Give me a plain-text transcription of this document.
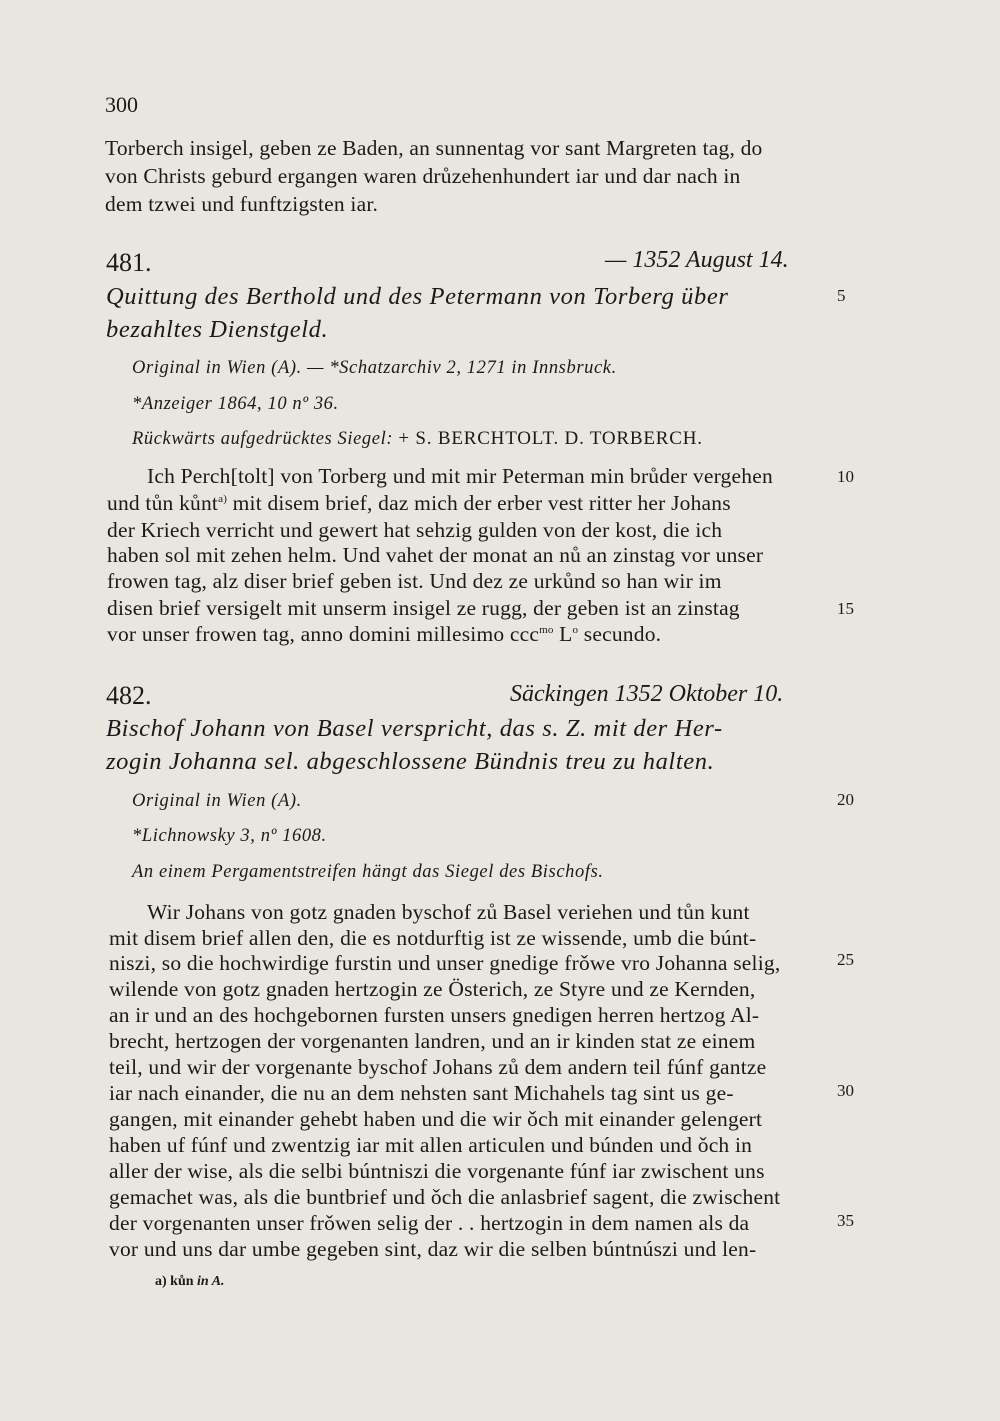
300
Torberch insigel, geben ze Baden, an sunnentag vor sant Margreten tag, do
von Christs geburd ergangen waren drůzehenhundert iar und dar nach in
dem tzwei und funftzigsten iar.
481.	— 1352 August 14.
Quittung des Berthold und des Petermann von Torberg über	5
bezahltes Dienstgeld.
Original in Wien (A). — *Schatzarchiv 2, 1271 in Innsbruck.
*Anzeiger 1864, 10 nº 36.
Rückwärts aufgedrücktes Siegel: + S. BERCHTOLT. D. TORBERCH.
Ich Perch[tolt] von Torberg und mit mir Peterman min brůder vergehen	10
und tůn kůnt$^{a)}$ mit disem brief, daz mich der erber vest ritter her Johans
der Kriech verricht und gewert hat sehzig gulden von der kost, die ich
haben sol mit zehen helm. Und vahet der monat an nů an zinstag vor unser
frowen tag, alz diser brief geben ist. Und dez ze urkůnd so han wir im
disen brief versigelt mit unserm insigel ze rugg, der geben ist an zinstag	15
vor unser frowen tag, anno domini millesimo ccc$^{mo}$ $L^o$ secundo.
482.	Säckingen 1352 Oktober 10.
Bischof Johann von Basel verspricht, das s. Z. mit der Her-
zogin Johanna sel. abgeschlossene Bündnis treu zu halten.
Original in Wien (A).	20
*Lichnowsky 3, nº 1608.
An einem Pergamentstreifen hängt das Siegel des Bischofs.
Wir Johans von gotz gnaden byschof zů Basel veriehen und tůn kunt
mit disem brief allen den, die es notdurftig ist ze wissende, umb die búnt-
niszi, so die hochwirdige furstin und unser gnedige frǒwe vro Johanna selig,	25
wilende von gotz gnaden hertzogin ze Österich, ze Styre und ze Kernden,
an ir und an des hochgebornen fursten unsers gnedigen herren hertzog Al-
brecht, hertzogen der vorgenanten landren, und an ir kinden stat ze einem
teil, und wir der vorgenante byschof Johans zů dem andern teil fúnf gantze
iar nach einander, die nu an dem nehsten sant Michahels tag sint us ge-	30
gangen, mit einander gehebt haben und die wir ǒch mit einander gelengert
haben uf fúnf und zwentzig iar mit allen articulen und búnden und ǒch in
aller der wise, als die selbi búntniszi die vorgenante fúnf iar zwischent uns
gemachet was, als die buntbrief und ǒch die anlasbrief sagent, die zwischent
der vorgenanten unser frǒwen selig der . . hertzogin in dem namen als da	35
vor und uns dar umbe gegeben sint, daz wir die selben búntnúszi und len-
a) kůn in A.
